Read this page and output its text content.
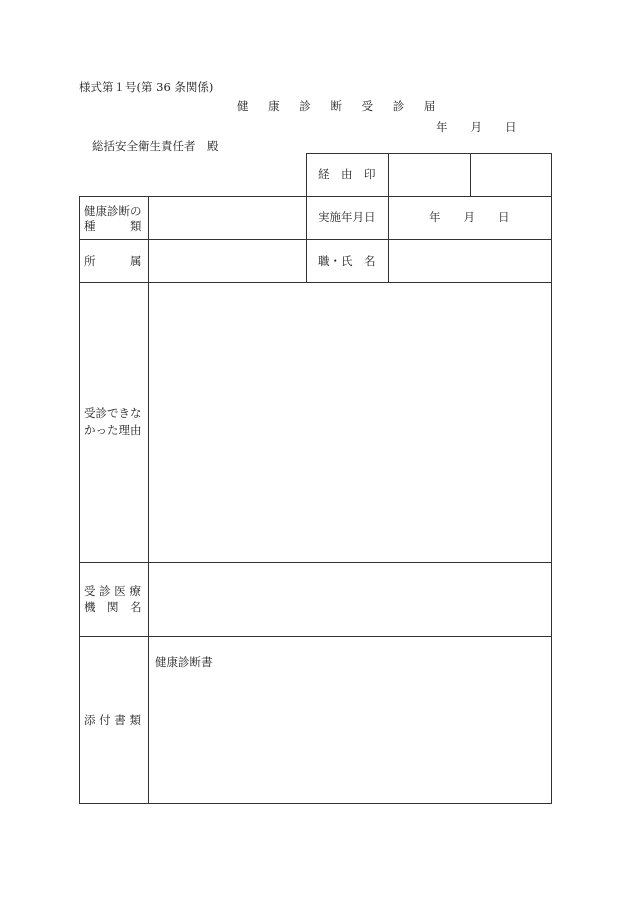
様式第１号(第 36 条関係)
健 康 診 断 受 診 届
年　　月　　日
総括安全衛生責任者　殿
経　由　印
健康診断の
種　　　類
実施年月日	年　　月　　日
所　　　属	職・氏　名
受診できな
かった理由
受 診 医 療
機　関　名
添 付 書 類
健康診断書
